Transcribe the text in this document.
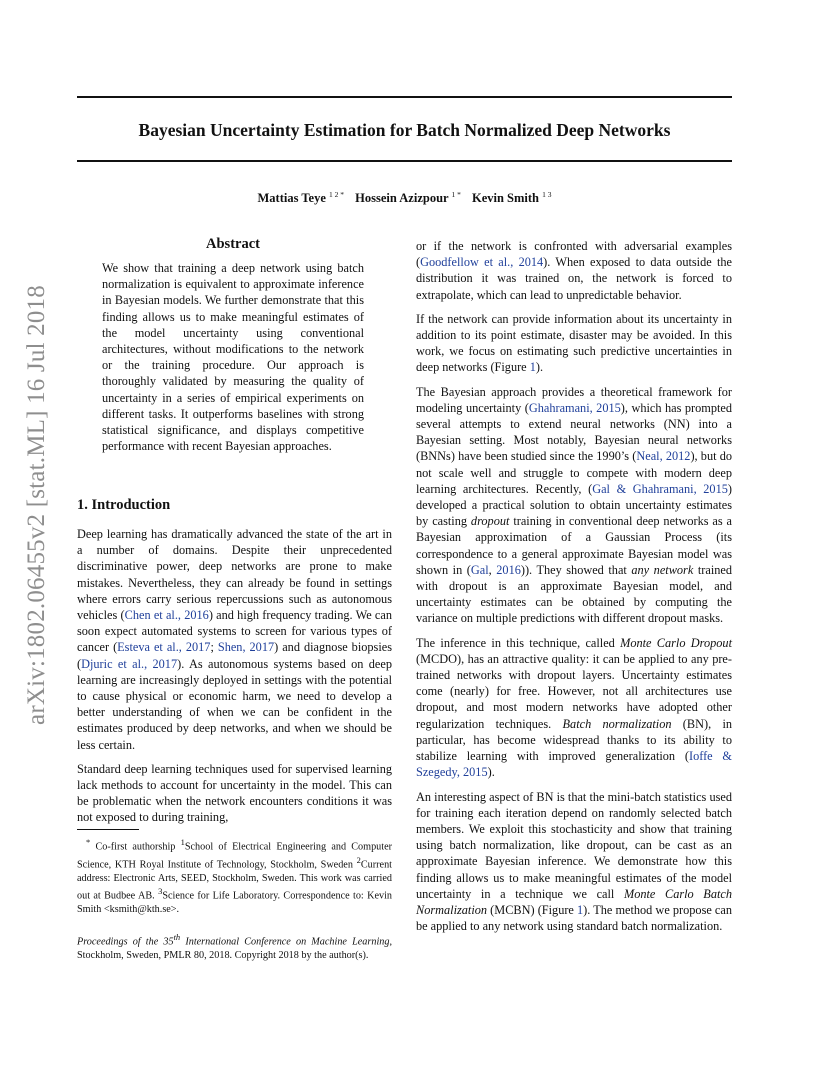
arXiv:1802.06455v2 [stat.ML] 16 Jul 2018
Bayesian Uncertainty Estimation for Batch Normalized Deep Networks
Mattias Teye $^{1 2 *}$ Hossein Azizpour $^{1 *}$ Kevin Smith $^{1 3}$
Abstract

We show that training a deep network using batch normalization is equivalent to approximate inference in Bayesian models. We further demonstrate that this finding allows us to make meaningful estimates of the model uncertainty using conventional architectures, without modifications to the network or the training procedure. Our approach is thoroughly validated by measuring the quality of uncertainty in a series of empirical experiments on different tasks. It outperforms baselines with strong statistical significance, and displays competitive performance with recent Bayesian approaches.

1. Introduction

Deep learning has dramatically advanced the state of the art in a number of domains. Despite their unprecedented discriminative power, deep networks are prone to make mistakes. Nevertheless, they can already be found in settings where errors carry serious repercussions such as autonomous vehicles (Chen et al., 2016) and high frequency trading. We can soon expect automated systems to screen for various types of cancer (Esteva et al., 2017; Shen, 2017) and diagnose biopsies (Djuric et al., 2017). As autonomous systems based on deep learning are increasingly deployed in settings with the potential to cause physical or economic harm, we need to develop a better understanding of when we can be confident in the estimates produced by deep networks, and when we should be less certain.

Standard deep learning techniques used for supervised learning lack methods to account for uncertainty in the model. This can be problematic when the network encounters conditions it was not exposed to during training,

* Co-first authorship $^1$School of Electrical Engineering and Computer Science, KTH Royal Institute of Technology, Stockholm, Sweden $^2$Current address: Electronic Arts, SEED, Stockholm, Sweden. This work was carried out at Budbee AB. $^3$Science for Life Laboratory. Correspondence to: Kevin Smith <ksmith@kth.se>.

Proceedings of the 35th International Conference on Machine Learning, Stockholm, Sweden, PMLR 80, 2018. Copyright 2018 by the author(s).

or if the network is confronted with adversarial examples (Goodfellow et al., 2014). When exposed to data outside the distribution it was trained on, the network is forced to extrapolate, which can lead to unpredictable behavior.

If the network can provide information about its uncertainty in addition to its point estimate, disaster may be avoided. In this work, we focus on estimating such predictive uncertainties in deep networks (Figure 1).

The Bayesian approach provides a theoretical framework for modeling uncertainty (Ghahramani, 2015), which has prompted several attempts to extend neural networks (NN) into a Bayesian setting. Most notably, Bayesian neural networks (BNNs) have been studied since the 1990’s (Neal, 2012), but do not scale well and struggle to compete with modern deep learning architectures. Recently, (Gal & Ghahramani, 2015) developed a practical solution to obtain uncertainty estimates by casting dropout training in conventional deep networks as a Bayesian approximation of a Gaussian Process (its correspondence to a general approximate Bayesian model was shown in (Gal, 2016)). They showed that any network trained with dropout is an approximate Bayesian model, and uncertainty estimates can be obtained by computing the variance on multiple predictions with different dropout masks.

The inference in this technique, called Monte Carlo Dropout (MCDO), has an attractive quality: it can be applied to any pre-trained networks with dropout layers. Uncertainty estimates come (nearly) for free. However, not all architectures use dropout, and most modern networks have adopted other regularization techniques. Batch normalization (BN), in particular, has become widespread thanks to its ability to stabilize learning with improved generalization (Ioffe & Szegedy, 2015).

An interesting aspect of BN is that the mini-batch statistics used for training each iteration depend on randomly selected batch members. We exploit this stochasticity and show that training using batch normalization, like dropout, can be cast as an approximate Bayesian inference. We demonstrate how this finding allows us to make meaningful estimates of the model uncertainty in a technique we call Monte Carlo Batch Normalization (MCBN) (Figure 1). The method we propose can be applied to any network using standard batch normalization.
